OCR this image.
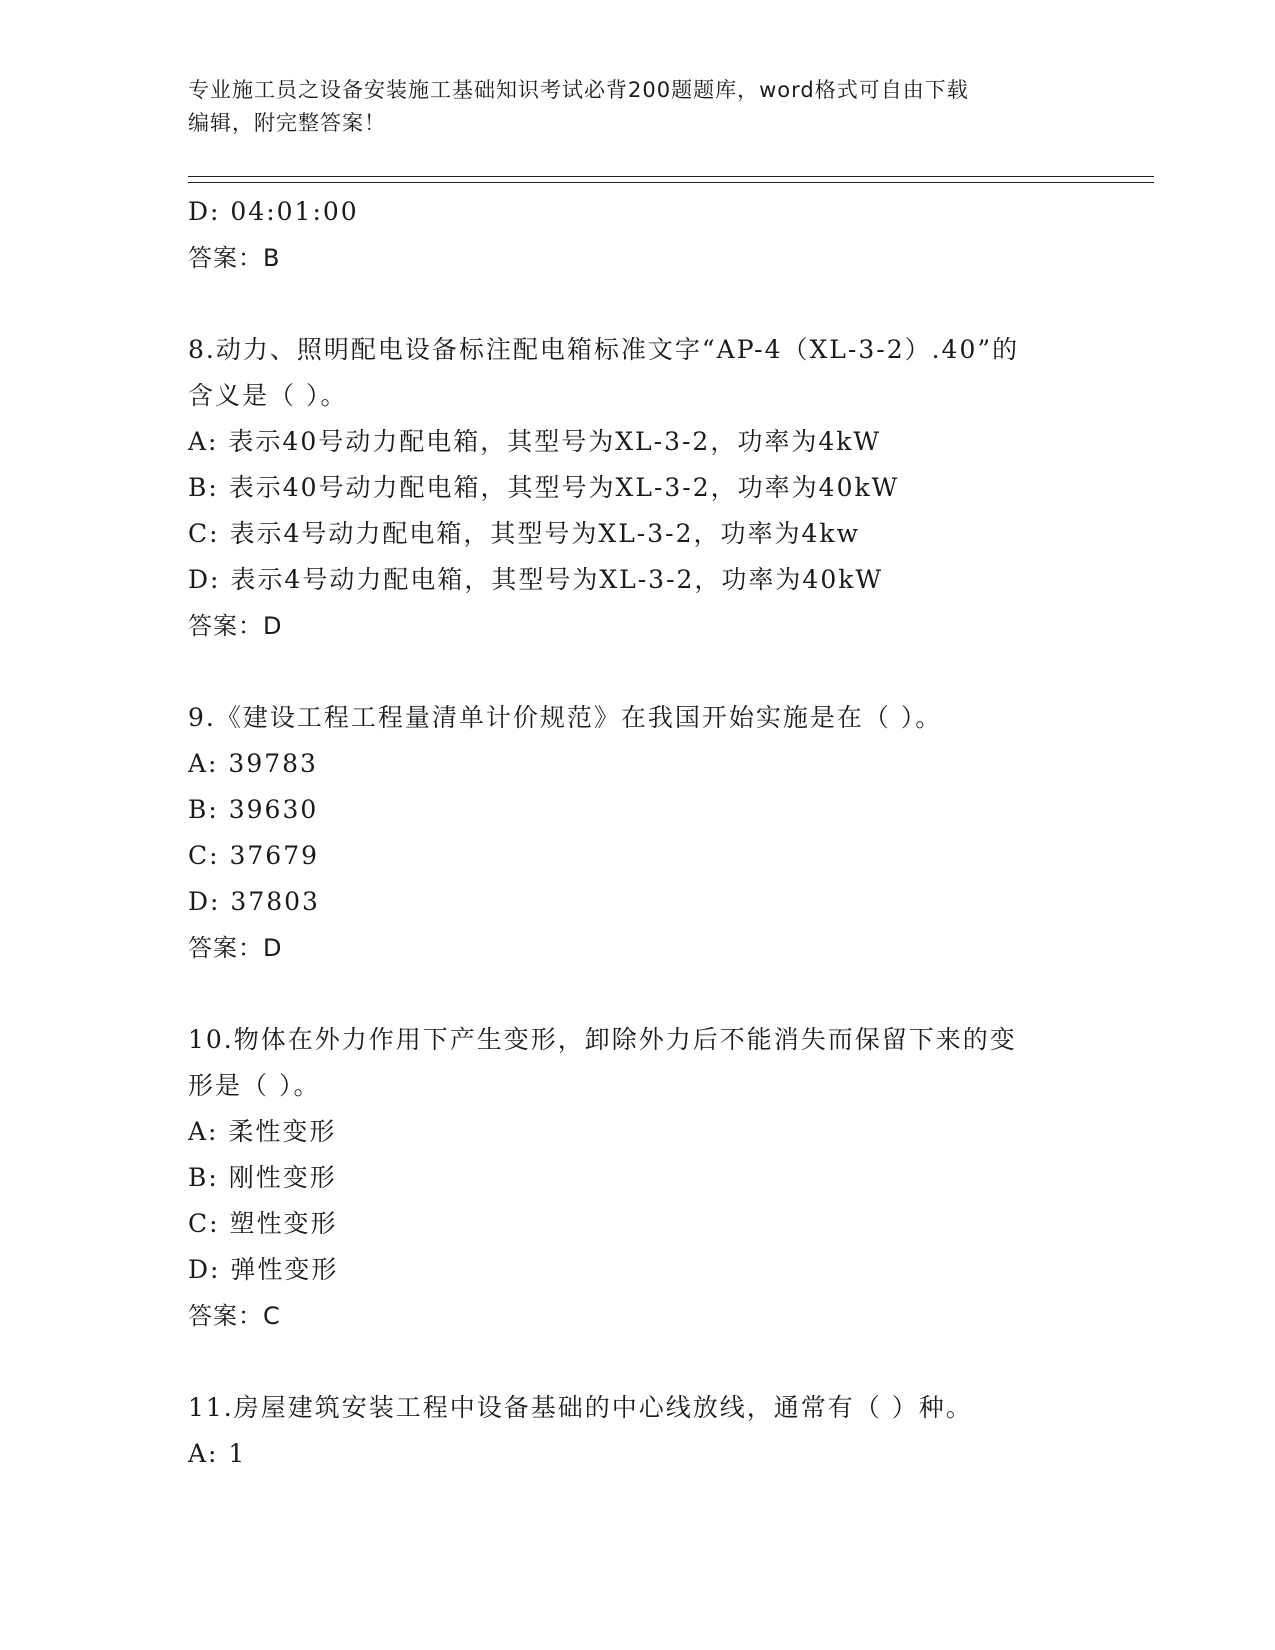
专业施工员之设备安装施工基础知识考试必背200题题库，word格式可自由下载
编辑，附完整答案！
D: 04:01:00
答案：B
8.动力、照明配电设备标注配电箱标准文字“AP-4（XL-3-2）.40”的
含义是（ ）。
A: 表示40号动力配电箱，其型号为XL-3-2，功率为4kW
B: 表示40号动力配电箱，其型号为XL-3-2，功率为40kW
C: 表示4号动力配电箱，其型号为XL-3-2，功率为4kw
D: 表示4号动力配电箱，其型号为XL-3-2，功率为40kW
答案：D
9.《建设工程工程量清单计价规范》在我国开始实施是在（ ）。
A: 39783
B: 39630
C: 37679
D: 37803
答案：D
10.物体在外力作用下产生变形，卸除外力后不能消失而保留下来的变
形是（ ）。
A: 柔性变形
B: 刚性变形
C: 塑性变形
D: 弹性变形
答案：C
11.房屋建筑安装工程中设备基础的中心线放线，通常有（ ）种。
A: 1
